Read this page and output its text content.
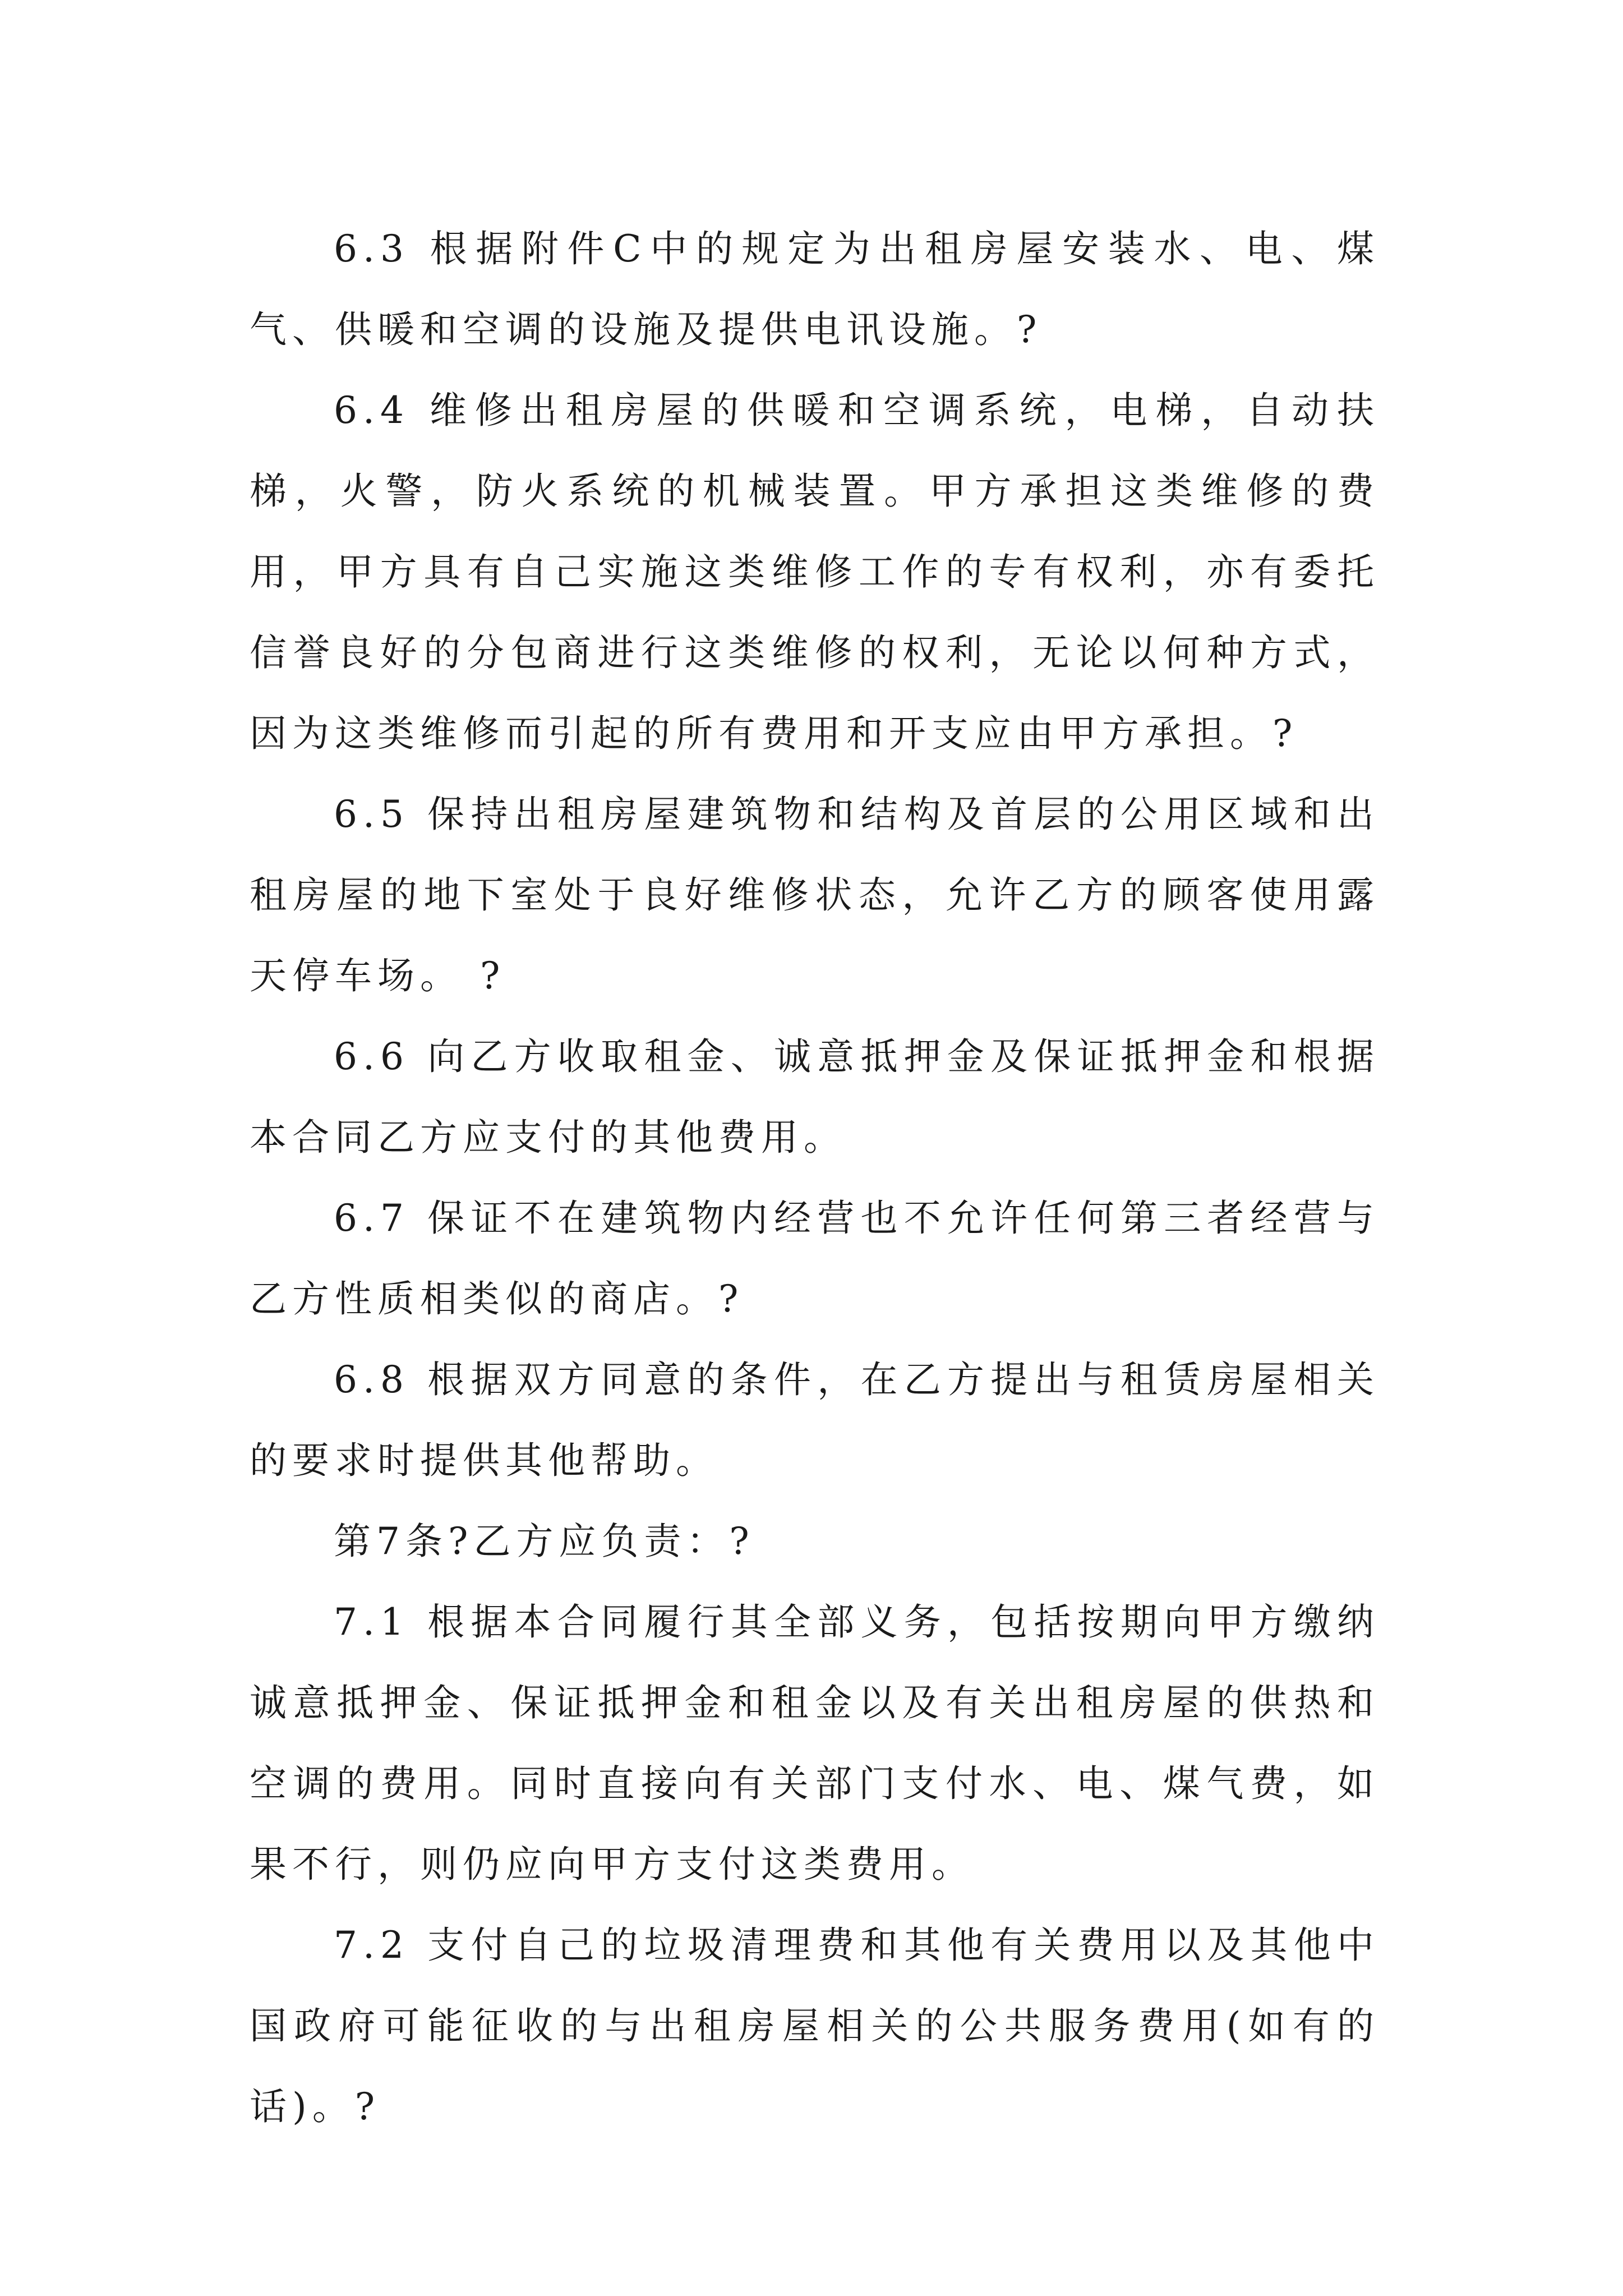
6.3 根据附件C中的规定为出租房屋安装水、电、煤气、供暖和空调的设施及提供电讯设施。?

6.4 维修出租房屋的供暖和空调系统，电梯，自动扶梯，火警，防火系统的机械装置。甲方承担这类维修的费用，甲方具有自己实施这类维修工作的专有权利，亦有委托信誉良好的分包商进行这类维修的权利，无论以何种方式，因为这类维修而引起的所有费用和开支应由甲方承担。?

6.5 保持出租房屋建筑物和结构及首层的公用区域和出租房屋的地下室处于良好维修状态，允许乙方的顾客使用露天停车场。 ?

6.6 向乙方收取租金、诚意抵押金及保证抵押金和根据本合同乙方应支付的其他费用。

6.7 保证不在建筑物内经营也不允许任何第三者经营与乙方性质相类似的商店。?

6.8 根据双方同意的条件，在乙方提出与租赁房屋相关的要求时提供其他帮助。

第7条?乙方应负责：?

7.1 根据本合同履行其全部义务，包括按期向甲方缴纳诚意抵押金、保证抵押金和租金以及有关出租房屋的供热和空调的费用。同时直接向有关部门支付水、电、煤气费，如果不行，则仍应向甲方支付这类费用。

7.2 支付自己的垃圾清理费和其他有关费用以及其他中国政府可能征收的与出租房屋相关的公共服务费用(如有的话)。?
